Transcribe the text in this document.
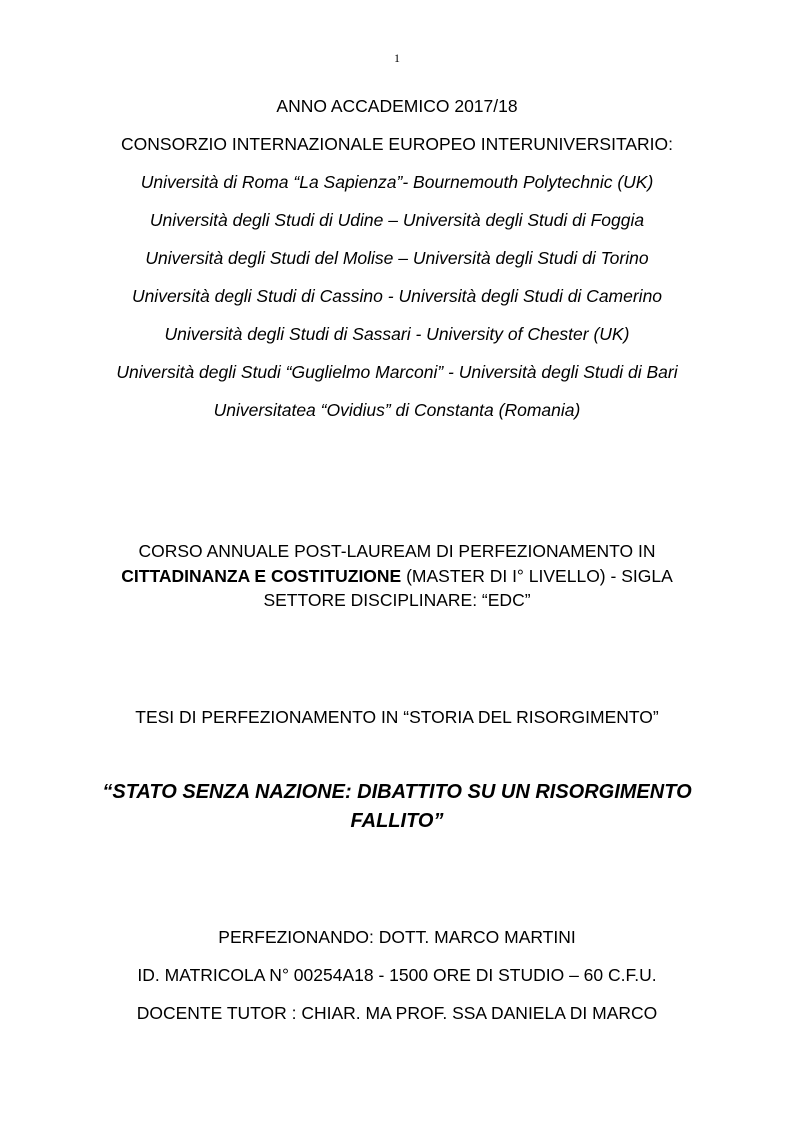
1
ANNO ACCADEMICO 2017/18
CONSORZIO INTERNAZIONALE EUROPEO INTERUNIVERSITARIO:
Università di Roma “La Sapienza”- Bournemouth Polytechnic (UK)
Università degli Studi di Udine – Università degli Studi di Foggia
Università degli Studi del Molise – Università degli Studi di Torino
Università degli Studi di Cassino - Università degli Studi di Camerino
Università degli Studi di Sassari - University of Chester (UK)
Università degli Studi “Guglielmo Marconi” - Università degli Studi di Bari
Universitatea “Ovidius” di Constanta (Romania)
CORSO ANNUALE POST-LAUREAM DI PERFEZIONAMENTO IN
CITTADINANZA E COSTITUZIONE (MASTER DI I° LIVELLO) - SIGLA
SETTORE DISCIPLINARE: “EDC”
TESI DI PERFEZIONAMENTO IN “STORIA DEL RISORGIMENTO”
“STATO SENZA NAZIONE: DIBATTITO SU UN RISORGIMENTO
FALLITO”
PERFEZIONANDO: DOTT. MARCO MARTINI
ID. MATRICOLA N° 00254A18 - 1500 ORE DI STUDIO – 60 C.F.U.
DOCENTE TUTOR : CHIAR. MA PROF. SSA DANIELA DI MARCO
